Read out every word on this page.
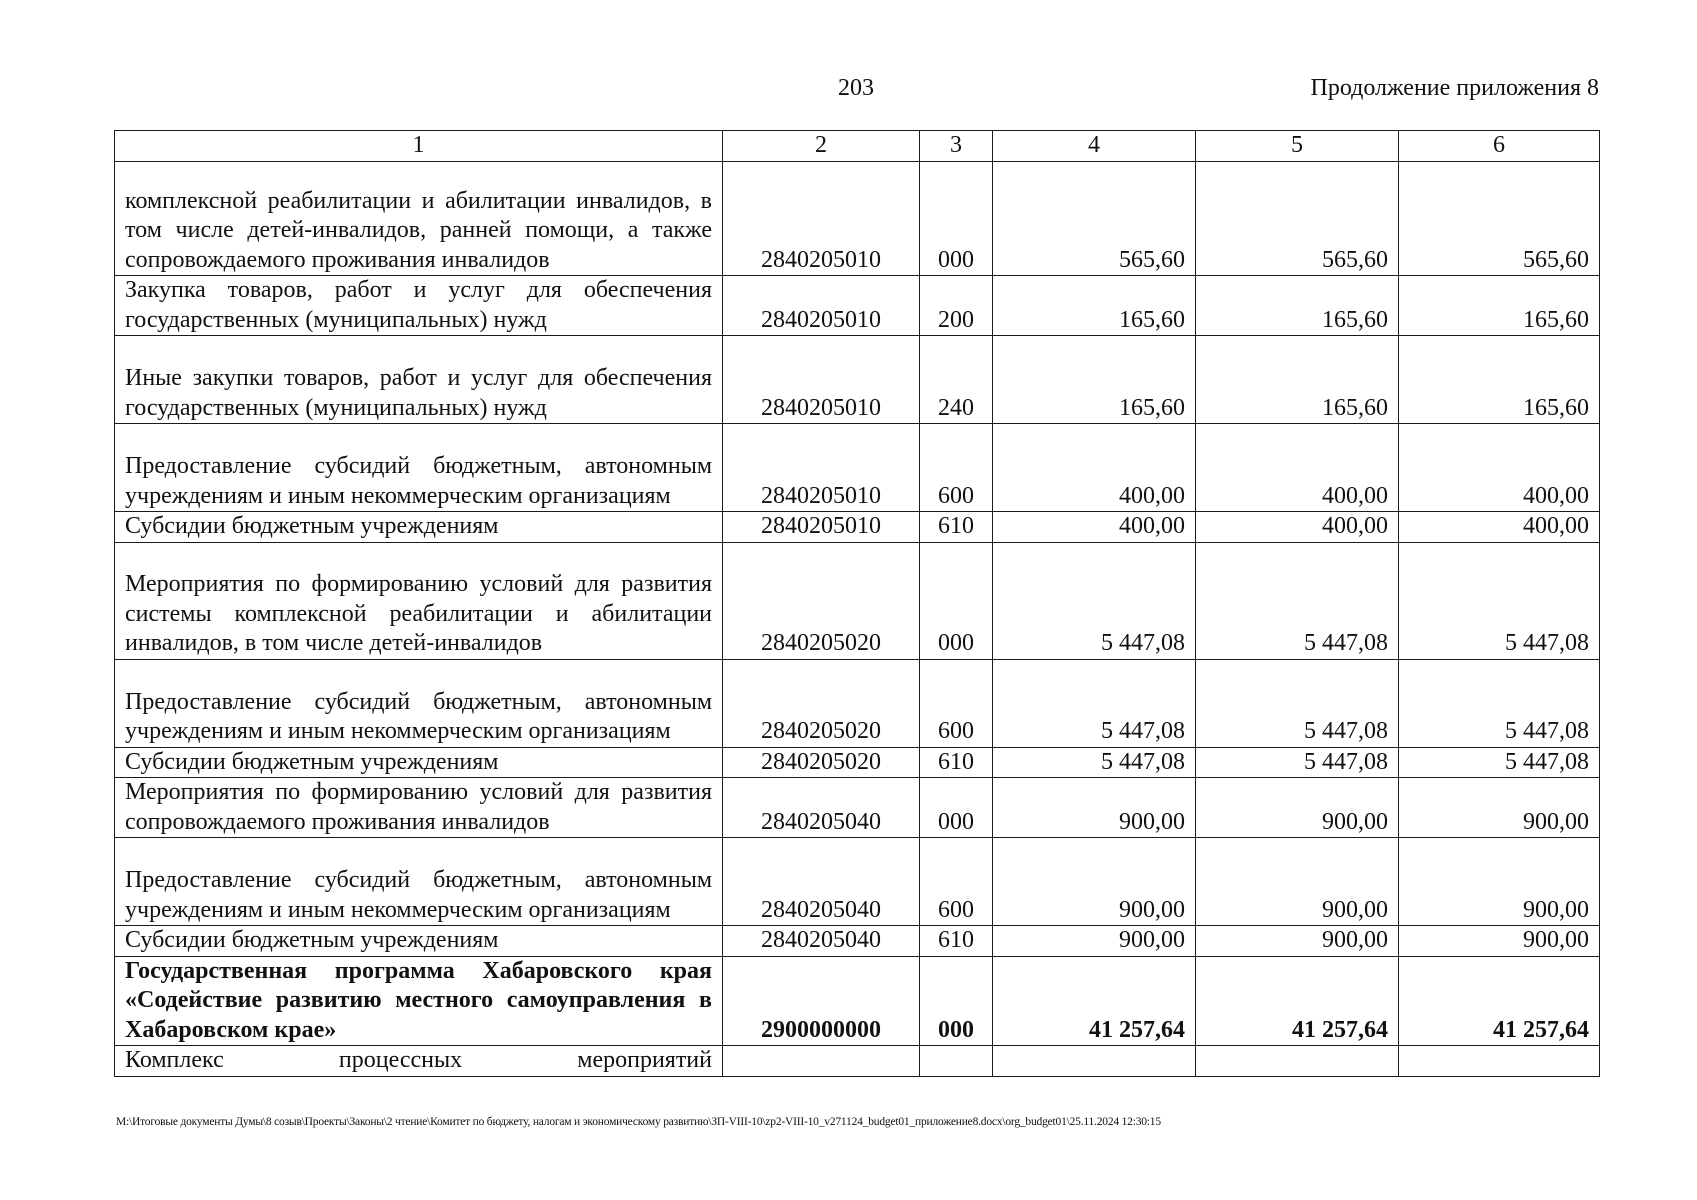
203	Продолжение приложения 8
1	2	3	4	5	6
комплексной реабилитации и абилитации инвалидов, в том числе детей-инвалидов, ранней помощи, а также сопровождаемого проживания инвалидов	2840205010	000	565,60	565,60	565,60
Закупка товаров, работ и услуг для обеспечения государственных (муниципальных) нужд	2840205010	200	165,60	165,60	165,60
Иные закупки товаров, работ и услуг для обеспечения государственных (муниципальных) нужд	2840205010	240	165,60	165,60	165,60
Предоставление субсидий бюджетным, автономным учреждениям и иным некоммерческим организациям	2840205010	600	400,00	400,00	400,00
Субсидии бюджетным учреждениям	2840205010	610	400,00	400,00	400,00
Мероприятия по формированию условий для развития системы комплексной реабилитации и абилитации инвалидов, в том числе детей-инвалидов	2840205020	000	5 447,08	5 447,08	5 447,08
Предоставление субсидий бюджетным, автономным учреждениям и иным некоммерческим организациям	2840205020	600	5 447,08	5 447,08	5 447,08
Субсидии бюджетным учреждениям	2840205020	610	5 447,08	5 447,08	5 447,08
Мероприятия по формированию условий для развития сопровождаемого проживания инвалидов	2840205040	000	900,00	900,00	900,00
Предоставление субсидий бюджетным, автономным учреждениям и иным некоммерческим организациям	2840205040	600	900,00	900,00	900,00
Субсидии бюджетным учреждениям	2840205040	610	900,00	900,00	900,00
Государственная программа Хабаровского края «Содействие развитию местного самоуправления в Хабаровском крае»	2900000000	000	41 257,64	41 257,64	41 257,64
Комплекс процессных мероприятий					
M:\Итоговые документы Думы\8 созыв\Проекты\Законы\2 чтение\Комитет по бюджету, налогам и экономическому развитию\ЗП-VIII-10\zp2-VIII-10_v271124_budget01_приложение8.docx\org_budget01\25.11.2024 12:30:15
